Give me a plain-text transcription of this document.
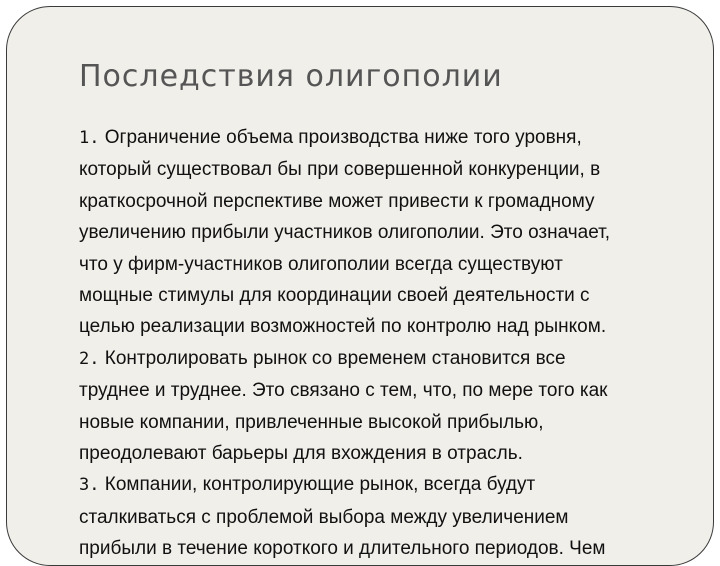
Последствия олигополии
1. Ограничение объема производства ниже того уровня,
который существовал бы при совершенной конкуренции, в
краткосрочной перспективе может привести к громадному
увеличению прибыли участников олигополии. Это означает,
что у фирм-участников олигополии всегда существуют
мощные стимулы для координации своей деятельности с
целью реализации возможностей по контролю над рынком.
2. Контролировать рынок со временем становится все
труднее и труднее. Это связано с тем, что, по мере того как
новые компании, привлеченные высокой прибылью,
преодолевают барьеры для вхождения в отрасль.
3. Компании, контролирующие рынок, всегда будут
сталкиваться с проблемой выбора между увеличением
прибыли в течение короткого и длительного периодов. Чем
